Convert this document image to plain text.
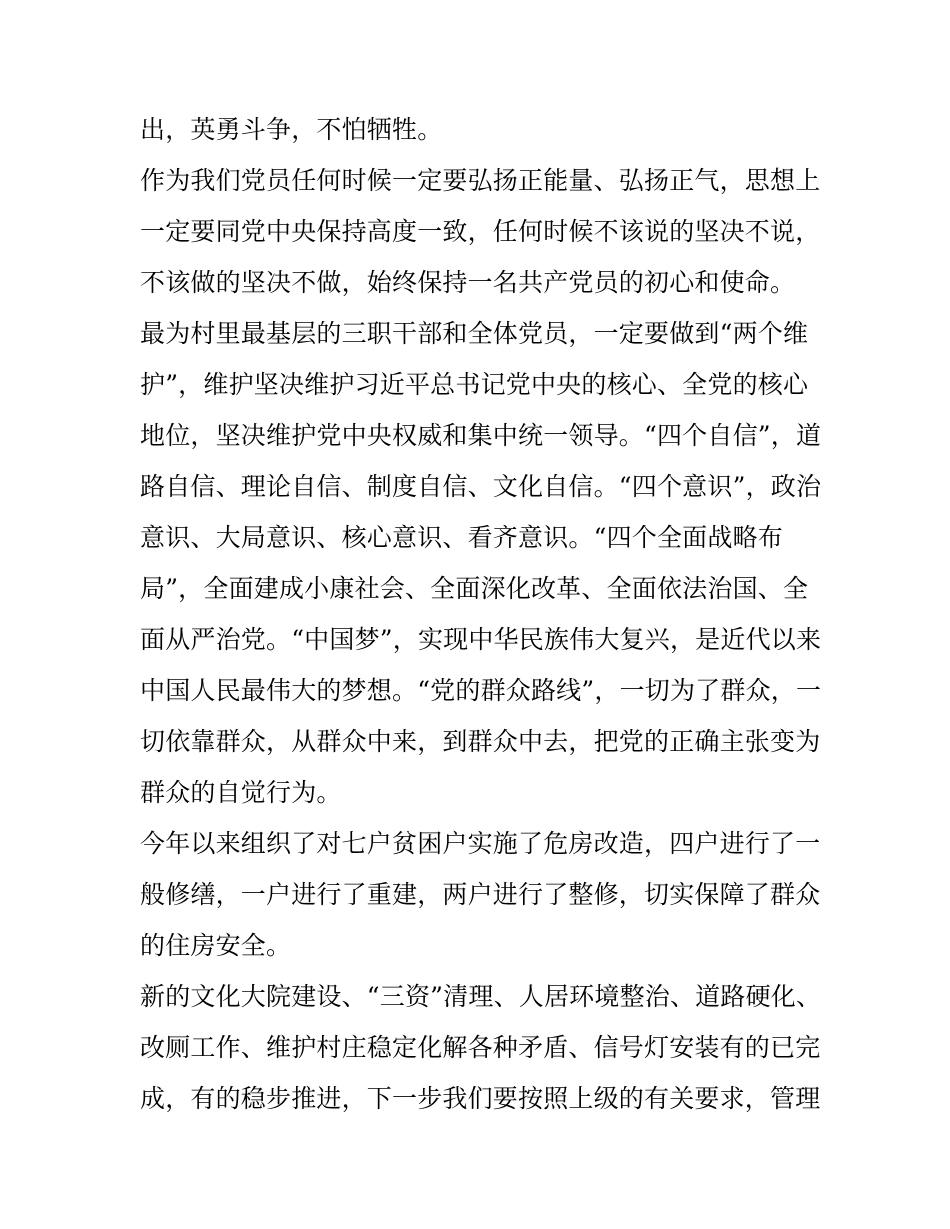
出，英勇斗争，不怕牺牲。
作为我们党员任何时候一定要弘扬正能量、弘扬正气，思想上
一定要同党中央保持高度一致，任何时候不该说的坚决不说，
不该做的坚决不做，始终保持一名共产党员的初心和使命。
最为村里最基层的三职干部和全体党员，一定要做到“两个维
护”，维护坚决维护习近平总书记党中央的核心、全党的核心
地位，坚决维护党中央权威和集中统一领导。“四个自信”，道
路自信、理论自信、制度自信、文化自信。“四个意识”，政治
意识、大局意识、核心意识、看齐意识。“四个全面战略布
局”，全面建成小康社会、全面深化改革、全面依法治国、全
面从严治党。“中国梦”，实现中华民族伟大复兴，是近代以来
中国人民最伟大的梦想。“党的群众路线”，一切为了群众，一
切依靠群众，从群众中来，到群众中去，把党的正确主张变为
群众的自觉行为。
今年以来组织了对七户贫困户实施了危房改造，四户进行了一
般修缮，一户进行了重建，两户进行了整修，切实保障了群众
的住房安全。
新的文化大院建设、“三资”清理、人居环境整治、道路硬化、
改厕工作、维护村庄稳定化解各种矛盾、信号灯安装有的已完
成，有的稳步推进，下一步我们要按照上级的有关要求，管理
